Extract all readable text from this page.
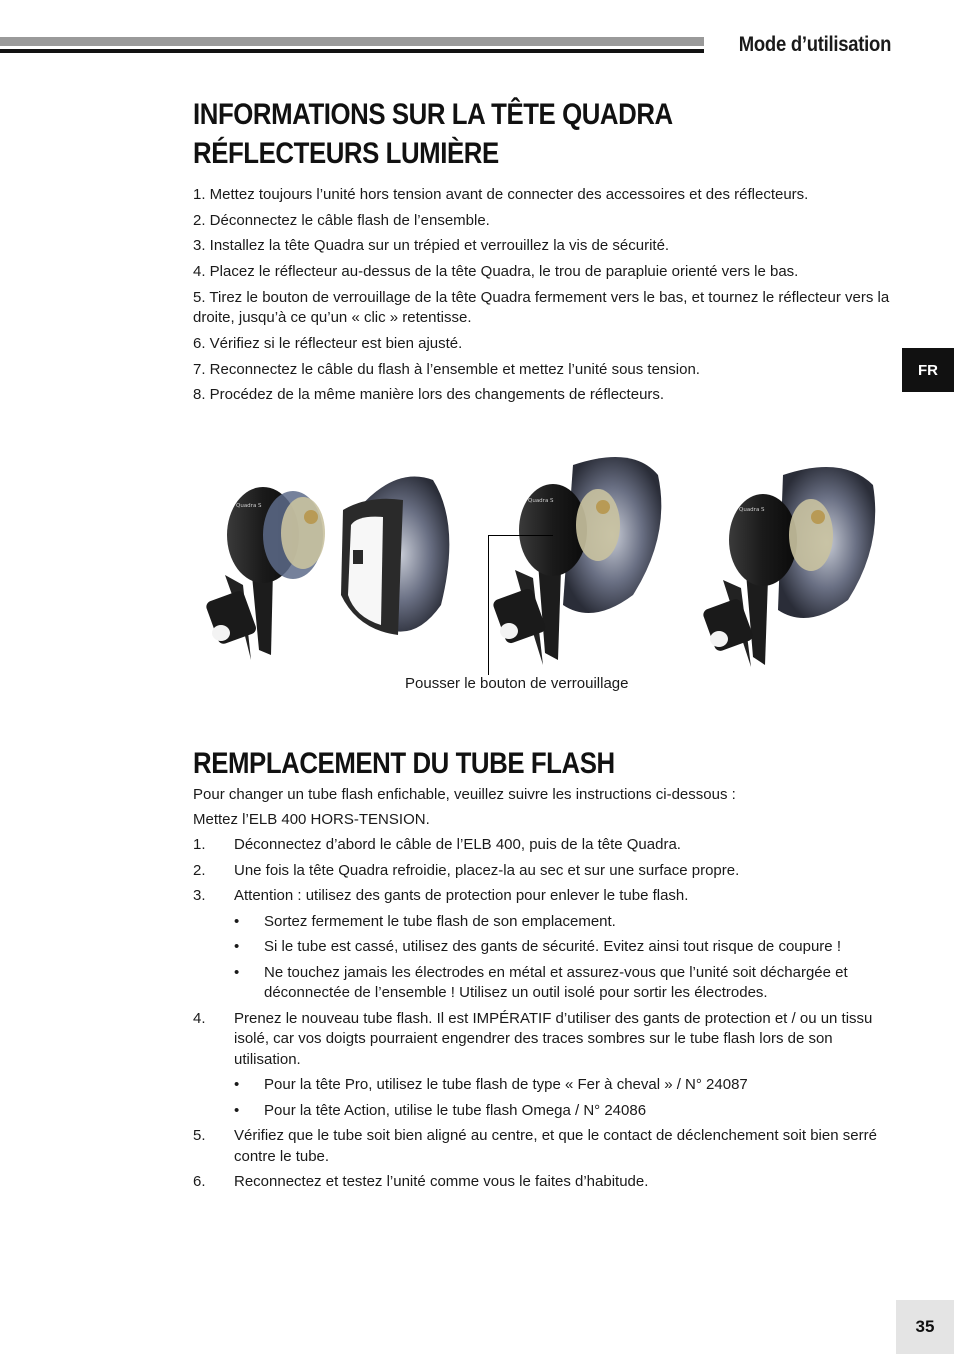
Mode d’utilisation
FR
35
INFORMATIONS SUR LA TÊTE QUADRA
RÉFLECTEURS LUMIÈRE
1. Mettez toujours l’unité hors tension avant de connecter des accessoires et des réflecteurs.
2. Déconnectez le câble flash de l’ensemble.
3. Installez la tête Quadra sur un trépied et verrouillez la vis de sécurité.
4. Placez le réflecteur au-dessus de la tête Quadra, le trou de parapluie orienté vers le bas.
5. Tirez le bouton de verrouillage de la tête Quadra fermement vers le bas, et tournez le réflecteur vers la droite, jusqu’à ce qu’un « clic » retentisse.
6. Vérifiez si le réflecteur est bien ajusté.
7. Reconnectez le câble du flash à l’ensemble et mettez l’unité sous tension.
8. Procédez de la même manière lors des changements de réflecteurs.
Quadra S
Quadra S
Quadra S
Pousser le bouton de verrouillage
REMPLACEMENT DU TUBE FLASH
Pour changer un tube flash enfichable, veuillez suivre les instructions ci-dessous :
Mettez l’ELB 400 HORS-TENSION.
1.	Déconnectez d’abord le câble de l’ELB 400, puis de la tête Quadra.
2.	Une fois la tête Quadra refroidie, placez-la au sec et sur une surface propre.
3.	Attention : utilisez des gants de protection pour enlever le tube flash.
•	Sortez fermement le tube flash de son emplacement.
•	Si le tube est cassé, utilisez des gants de sécurité. Evitez ainsi tout risque de coupure !
•	Ne touchez jamais les électrodes en métal et assurez-vous que l’unité soit déchargée et déconnectée de l’ensemble ! Utilisez un outil isolé pour sortir les électrodes.
4.	Prenez le nouveau tube flash. Il est IMPÉRATIF d’utiliser des gants de protection et / ou un tissu isolé, car vos doigts pourraient engendrer des traces sombres sur le tube flash lors de son utilisation.
•	Pour la tête Pro, utilisez le tube flash de type « Fer à cheval » / N° 24087
•	Pour la tête Action, utilise le tube flash Omega / N° 24086
5.	Vérifiez que le tube soit bien aligné au centre, et que le contact de déclenchement soit bien serré contre le tube.
6.	Reconnectez et testez l’unité comme vous le faites d’habitude.
